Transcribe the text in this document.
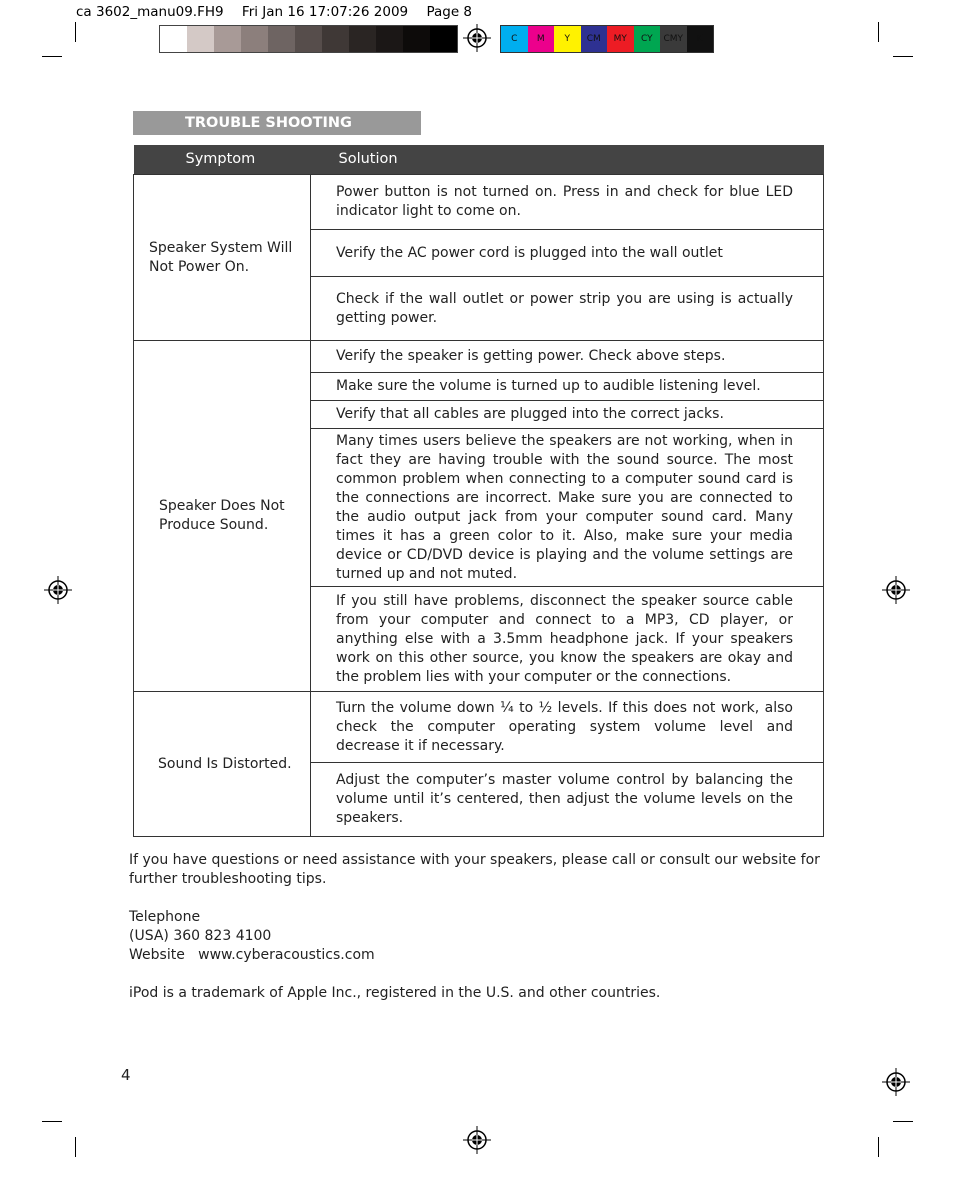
ca 3602_manu09.FH9 Fri Jan 16 17:07:26 2009 Page 8
C	M	Y	CM	MY	CY	CMY	K
TROUBLE SHOOTING
Symptom	Solution
Speaker System Will Not Power On.	Power button is not turned on. Press in and check for blue LED indicator light to come on.
	Verify the AC power cord is plugged into the wall outlet
	Check if the wall outlet or power strip you are using is actually getting power.
Speaker Does Not Produce Sound.	Verify the speaker is getting power. Check above steps.
	Make sure the volume is turned up to audible listening level.
	Verify that all cables are plugged into the correct jacks.
	Many times users believe the speakers are not working, when in fact they are having trouble with the sound source. The most common problem when connecting to a computer sound card is the connections are incorrect. Make sure you are connected to the audio output jack from your computer sound card. Many times it has a green color to it. Also, make sure your media device or CD/DVD device is playing and the volume settings are turned up and not muted.
	If you still have problems, disconnect the speaker source cable from your computer and connect to a MP3, CD player, or anything else with a 3.5mm headphone jack. If your speakers work on this other source, you know the speakers are okay and the problem lies with your computer or the connections.
Sound Is Distorted.	Turn the volume down ¼ to ½ levels. If this does not work, also check the computer operating system volume level and decrease it if necessary.
	Adjust the computer’s master volume control by balancing the volume until it’s centered, then adjust the volume levels on the speakers.

If you have questions or need assistance with your speakers, please call or consult our website for further troubleshooting tips.

Telephone

(USA) 360 823 4100

Website   www.cyberacoustics.com

iPod is a trademark of Apple Inc., registered in the U.S. and other countries.

4
